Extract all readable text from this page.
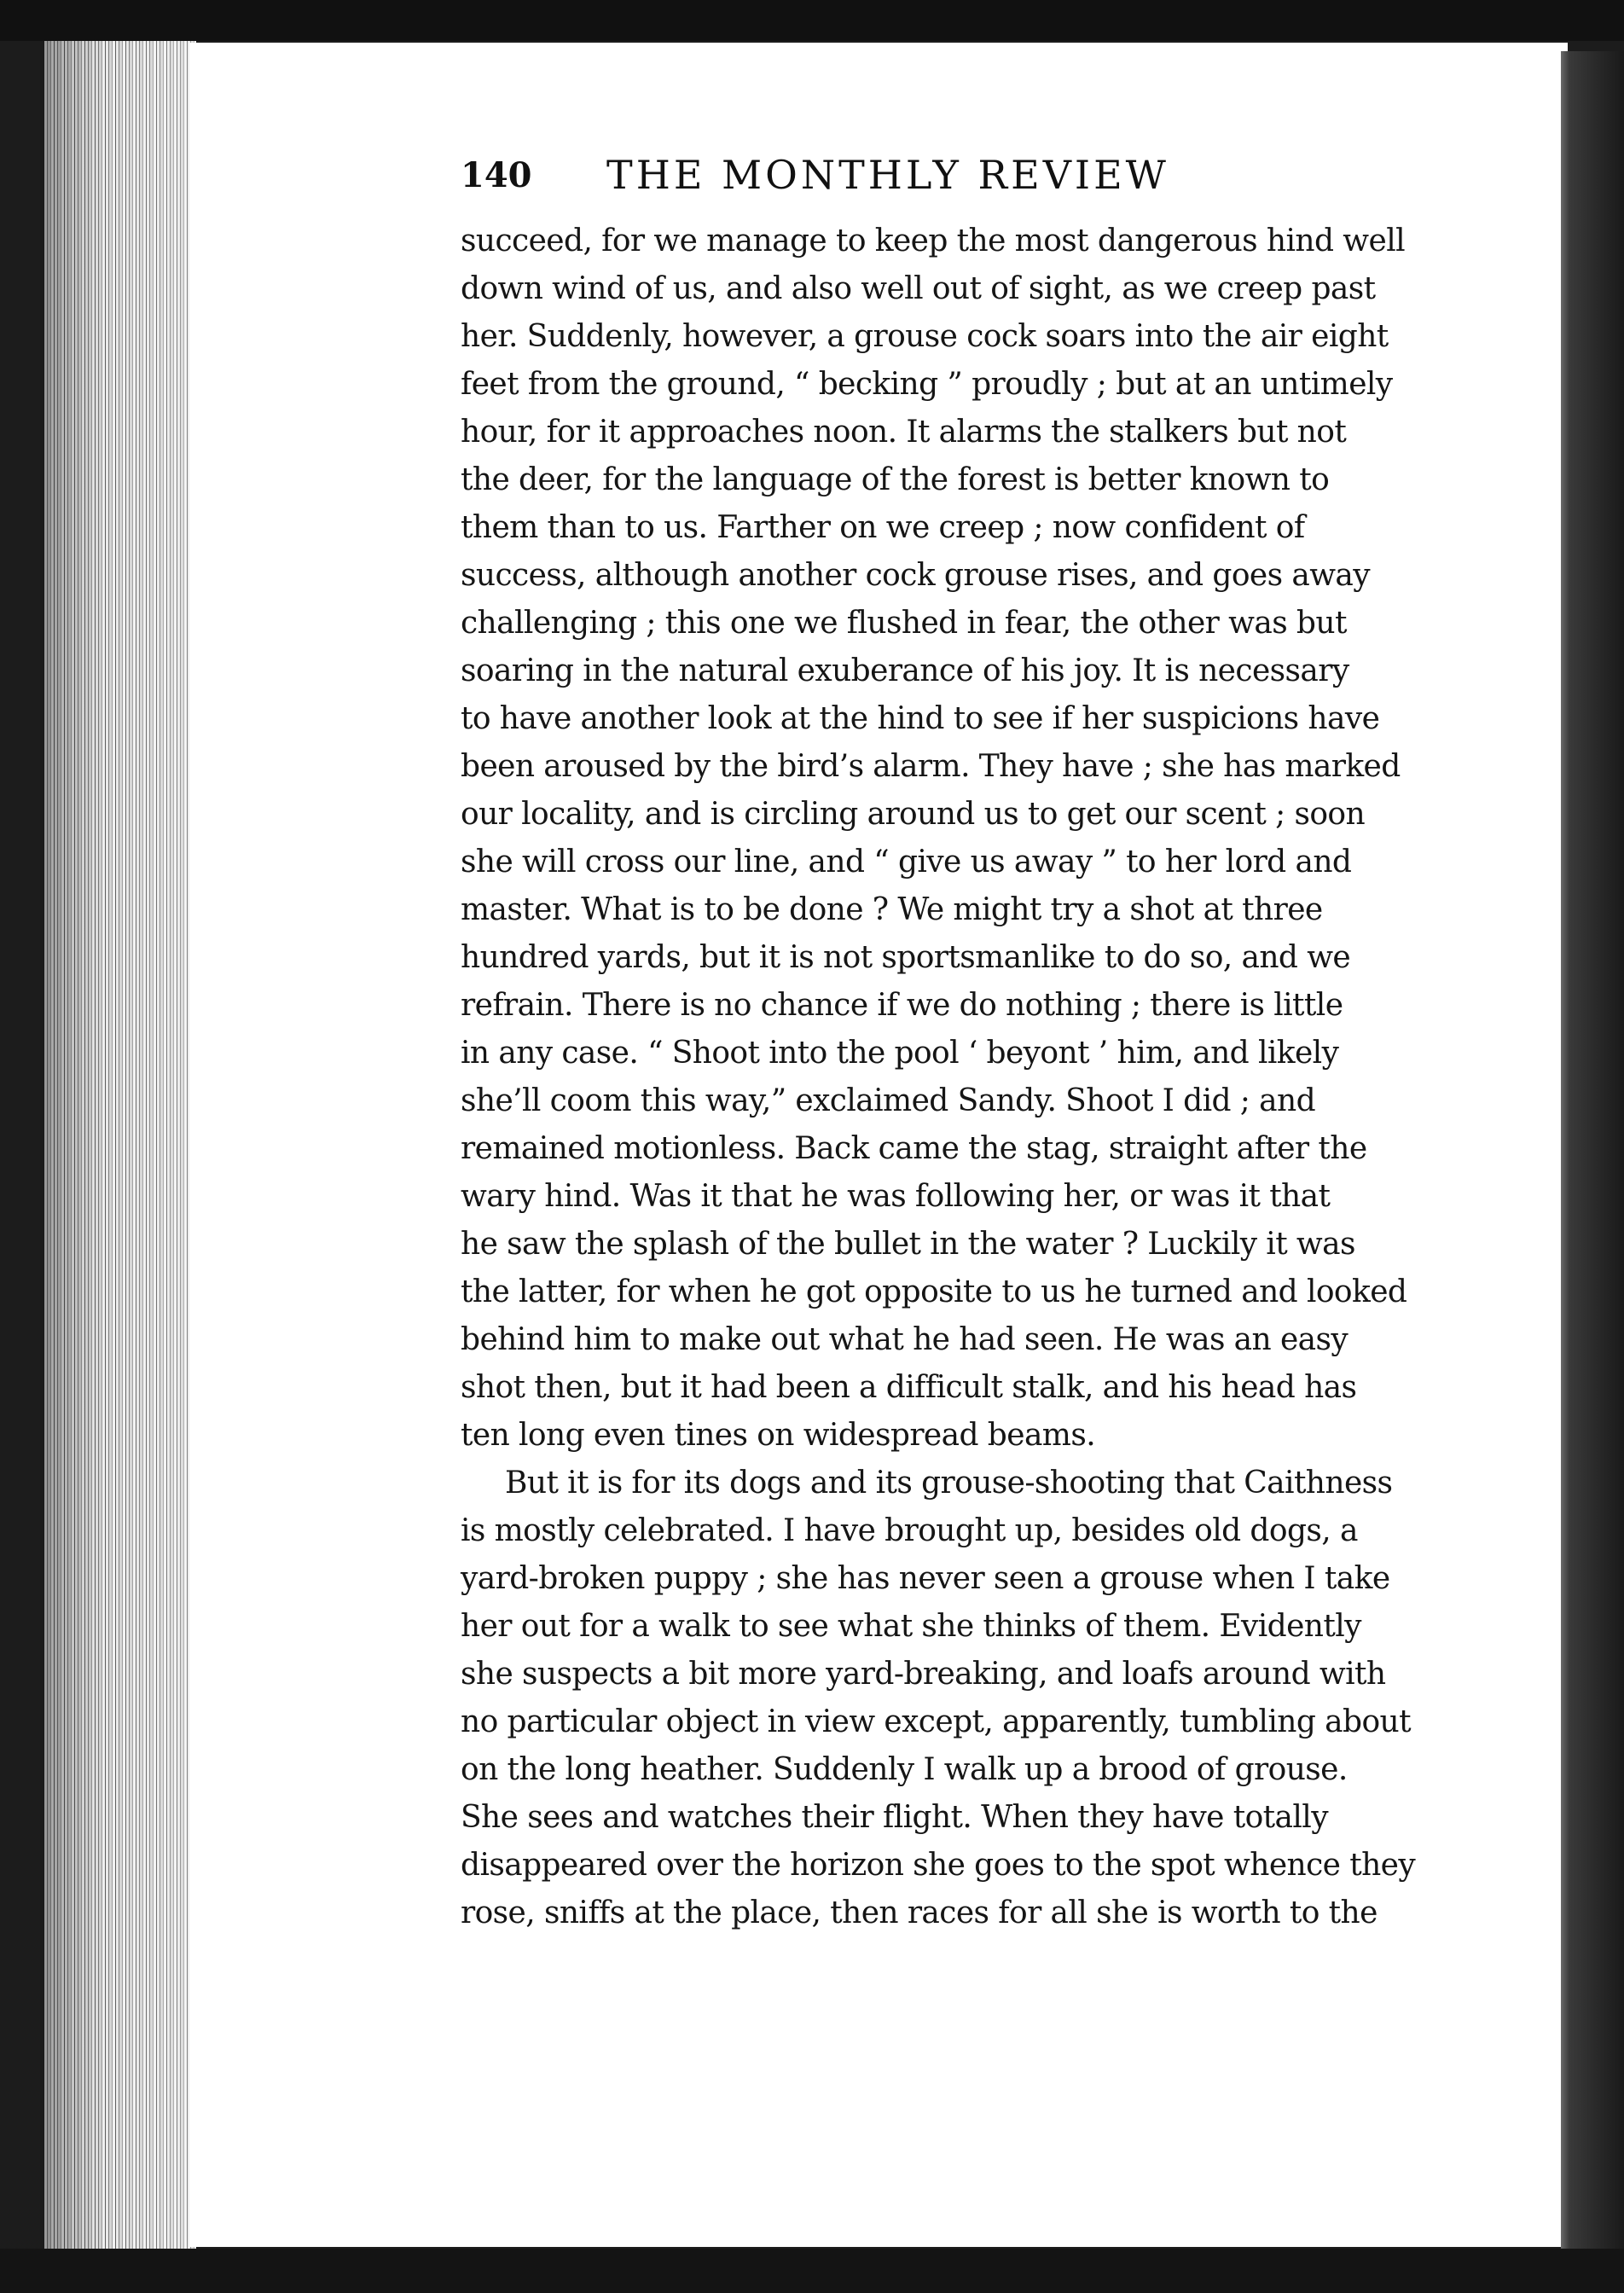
140	THE MONTHLY REVIEW
succeed, for we manage to keep the most dangerous hind well
down wind of us, and also well out of sight, as we creep past
her. Suddenly, however, a grouse cock soars into the air eight
feet from the ground, “ becking ” proudly ; but at an untimely
hour, for it approaches noon. It alarms the stalkers but not
the deer, for the language of the forest is better known to
them than to us. Farther on we creep ; now confident of
success, although another cock grouse rises, and goes away
challenging ; this one we flushed in fear, the other was but
soaring in the natural exuberance of his joy. It is necessary
to have another look at the hind to see if her suspicions have
been aroused by the bird’s alarm. They have ; she has marked
our locality, and is circling around us to get our scent ; soon
she will cross our line, and “ give us away ” to her lord and
master. What is to be done ? We might try a shot at three
hundred yards, but it is not sportsmanlike to do so, and we
refrain. There is no chance if we do nothing ; there is little
in any case. “ Shoot into the pool ‘ beyont ’ him, and likely
she’ll coom this way,” exclaimed Sandy. Shoot I did ; and
remained motionless. Back came the stag, straight after the
wary hind. Was it that he was following her, or was it that
he saw the splash of the bullet in the water ? Luckily it was
the latter, for when he got opposite to us he turned and looked
behind him to make out what he had seen. He was an easy
shot then, but it had been a difficult stalk, and his head has
ten long even tines on widespread beams.
But it is for its dogs and its grouse-shooting that Caithness
is mostly celebrated. I have brought up, besides old dogs, a
yard-broken puppy ; she has never seen a grouse when I take
her out for a walk to see what she thinks of them. Evidently
she suspects a bit more yard-breaking, and loafs around with
no particular object in view except, apparently, tumbling about
on the long heather. Suddenly I walk up a brood of grouse.
She sees and watches their flight. When they have totally
disappeared over the horizon she goes to the spot whence they
rose, sniffs at the place, then races for all she is worth to the
